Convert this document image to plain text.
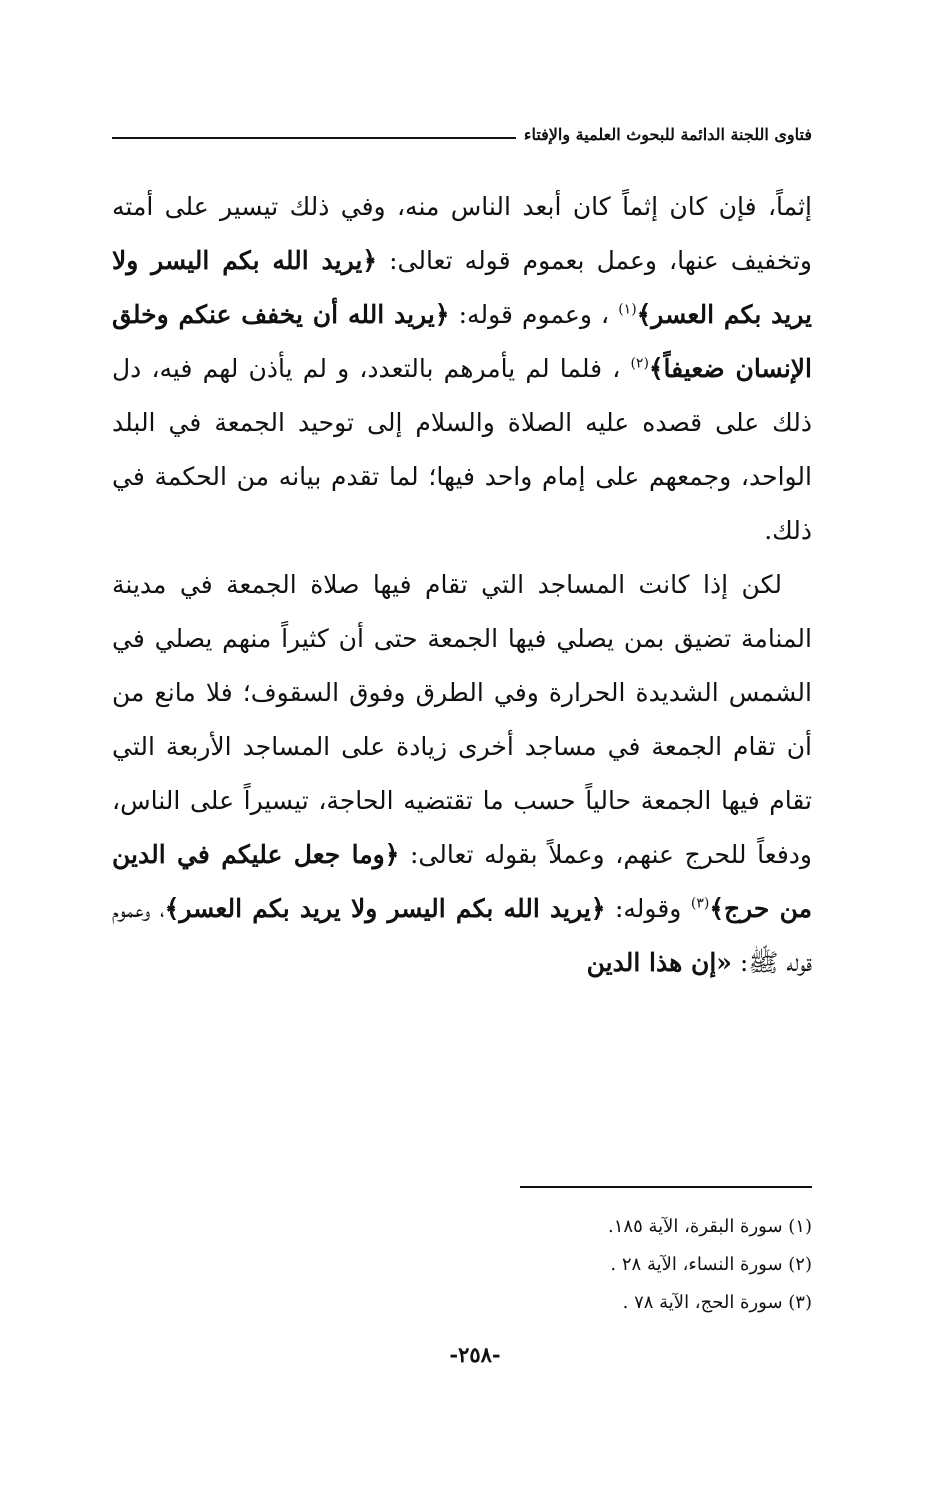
فتاوى اللجنة الدائمة للبحوث العلمية والإفتاء

إثماً، فإن كان إثماً كان أبعد الناس منه، وفي ذلك تيسير على أمته وتخفيف عنها، وعمل بعموم قوله تعالى: ﴿يريد الله بكم اليسر ولا يريد بكم العسر﴾$^{(١)}$ ، وعموم قوله: ﴿يريد الله أن يخفف عنكم وخلق الإنسان ضعيفاً﴾$^{(٢)}$ ، فلما لم يأمرهم بالتعدد، و لم يأذن لهم فيه، دل ذلك على قصده عليه الصلاة والسلام إلى توحيد الجمعة في البلد الواحد، وجمعهم على إمام واحد فيها؛ لما تقدم بيانه من الحكمة في ذلك.

لكن إذا كانت المساجد التي تقام فيها صلاة الجمعة في مدينة المنامة تضيق بمن يصلي فيها الجمعة حتى أن كثيراً منهم يصلي في الشمس الشديدة الحرارة وفي الطرق وفوق السقوف؛ فلا مانع من أن تقام الجمعة في مساجد أخرى زيادة على المساجد الأربعة التي تقام فيها الجمعة حالياً حسب ما تقتضيه الحاجة، تيسيراً على الناس، ودفعاً للحرج عنهم، وعملاً بقوله تعالى: ﴿وما جعل عليكم في الدين من حرج﴾$^{(٣)}$ وقوله: ﴿يريد الله بكم اليسر ولا يريد بكم العسر﴾، وعموم قوله ﷺ: «إن هذا الدين

(١) سورة البقرة، الآية ١٨٥.

(٢) سورة النساء، الآية ٢٨ .

(٣) سورة الحج، الآية ٧٨ .

-٢٥٨-
